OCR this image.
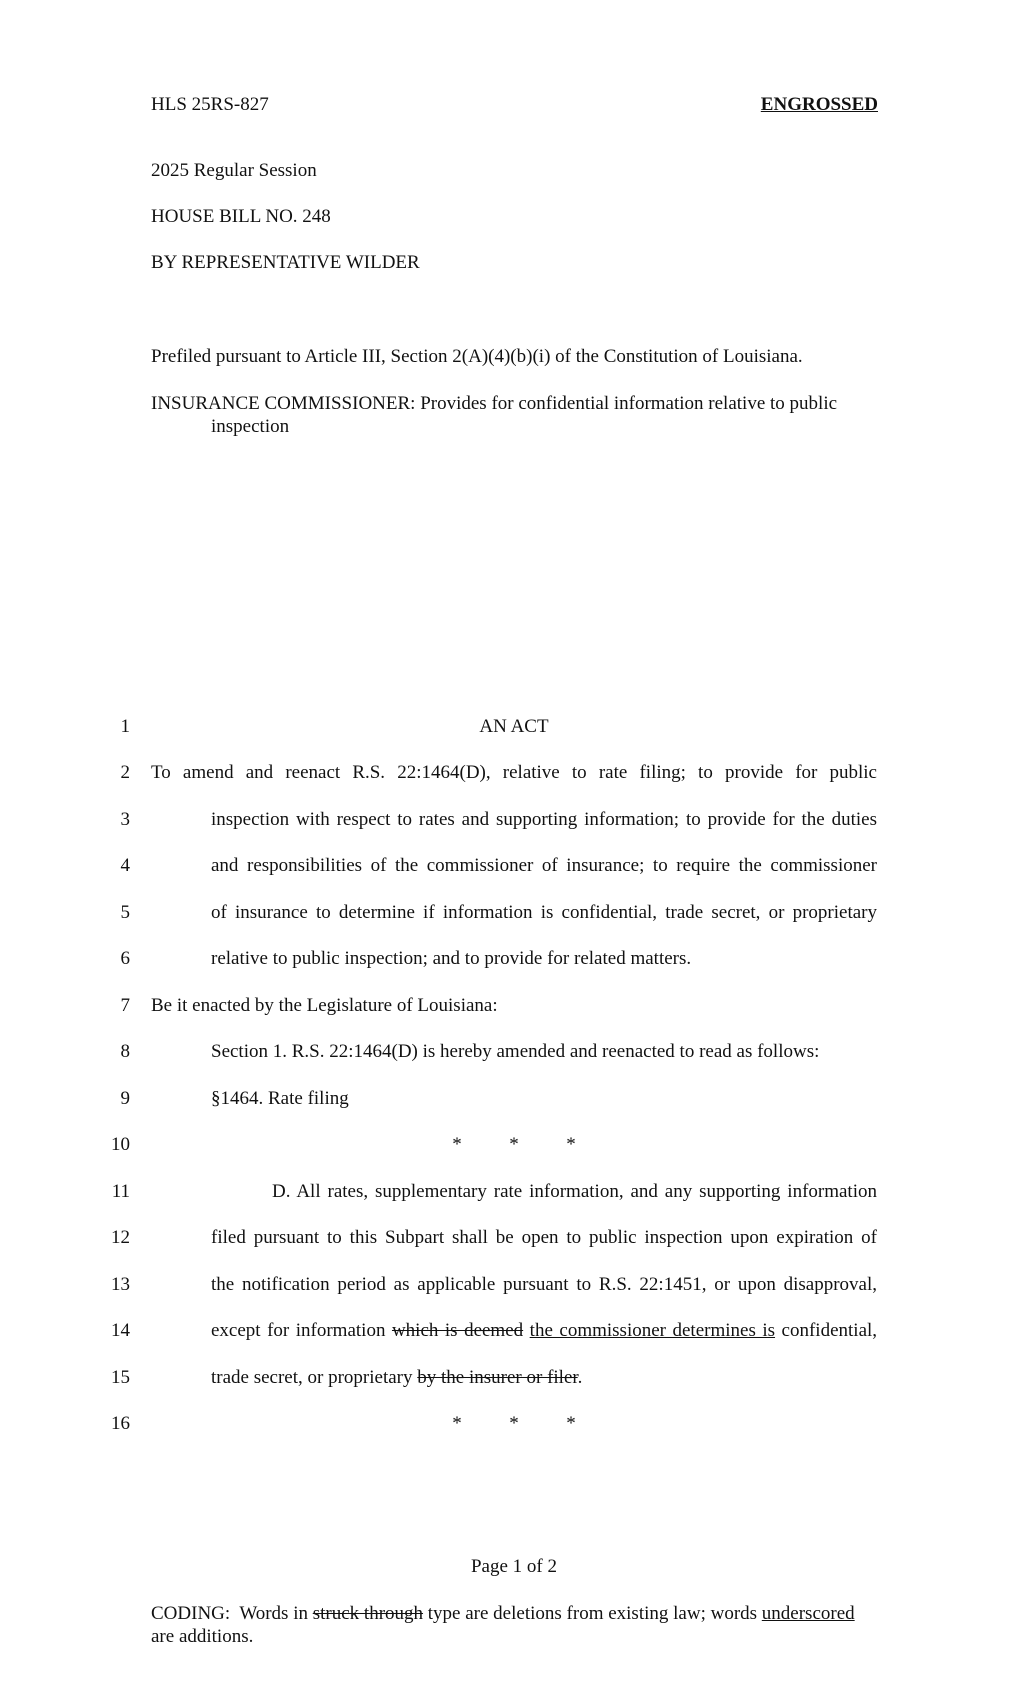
HLS 25RS-827	ENGROSSED
2025 Regular Session
HOUSE BILL NO. 248
BY REPRESENTATIVE WILDER
Prefiled pursuant to Article III, Section 2(A)(4)(b)(i) of the Constitution of Louisiana.
INSURANCE COMMISSIONER: Provides for confidential information relative to public
inspection
1
2
3
4
5
6
7
8
9
10
11
12
13
14
15
16
AN ACT
To amend and reenact R.S. 22:1464(D), relative to rate filing; to provide for public
inspection with respect to rates and supporting information; to provide for the duties
and responsibilities of the commissioner of insurance; to require the commissioner
of insurance to determine if information is confidential, trade secret, or proprietary
relative to public inspection; and to provide for related matters.
Be it enacted by the Legislature of Louisiana:
Section 1. R.S. 22:1464(D) is hereby amended and reenacted to read as follows:
§1464. Rate filing
*          *          *
D. All rates, supplementary rate information, and any supporting information
filed pursuant to this Subpart shall be open to public inspection upon expiration of
the notification period as applicable pursuant to R.S. 22:1451, or upon disapproval,
except for information which is deemed the commissioner determines is confidential,
trade secret, or proprietary by the insurer or filer.
*          *          *
Page 1 of 2
CODING:  Words in struck through type are deletions from existing law; words underscored
are additions.
